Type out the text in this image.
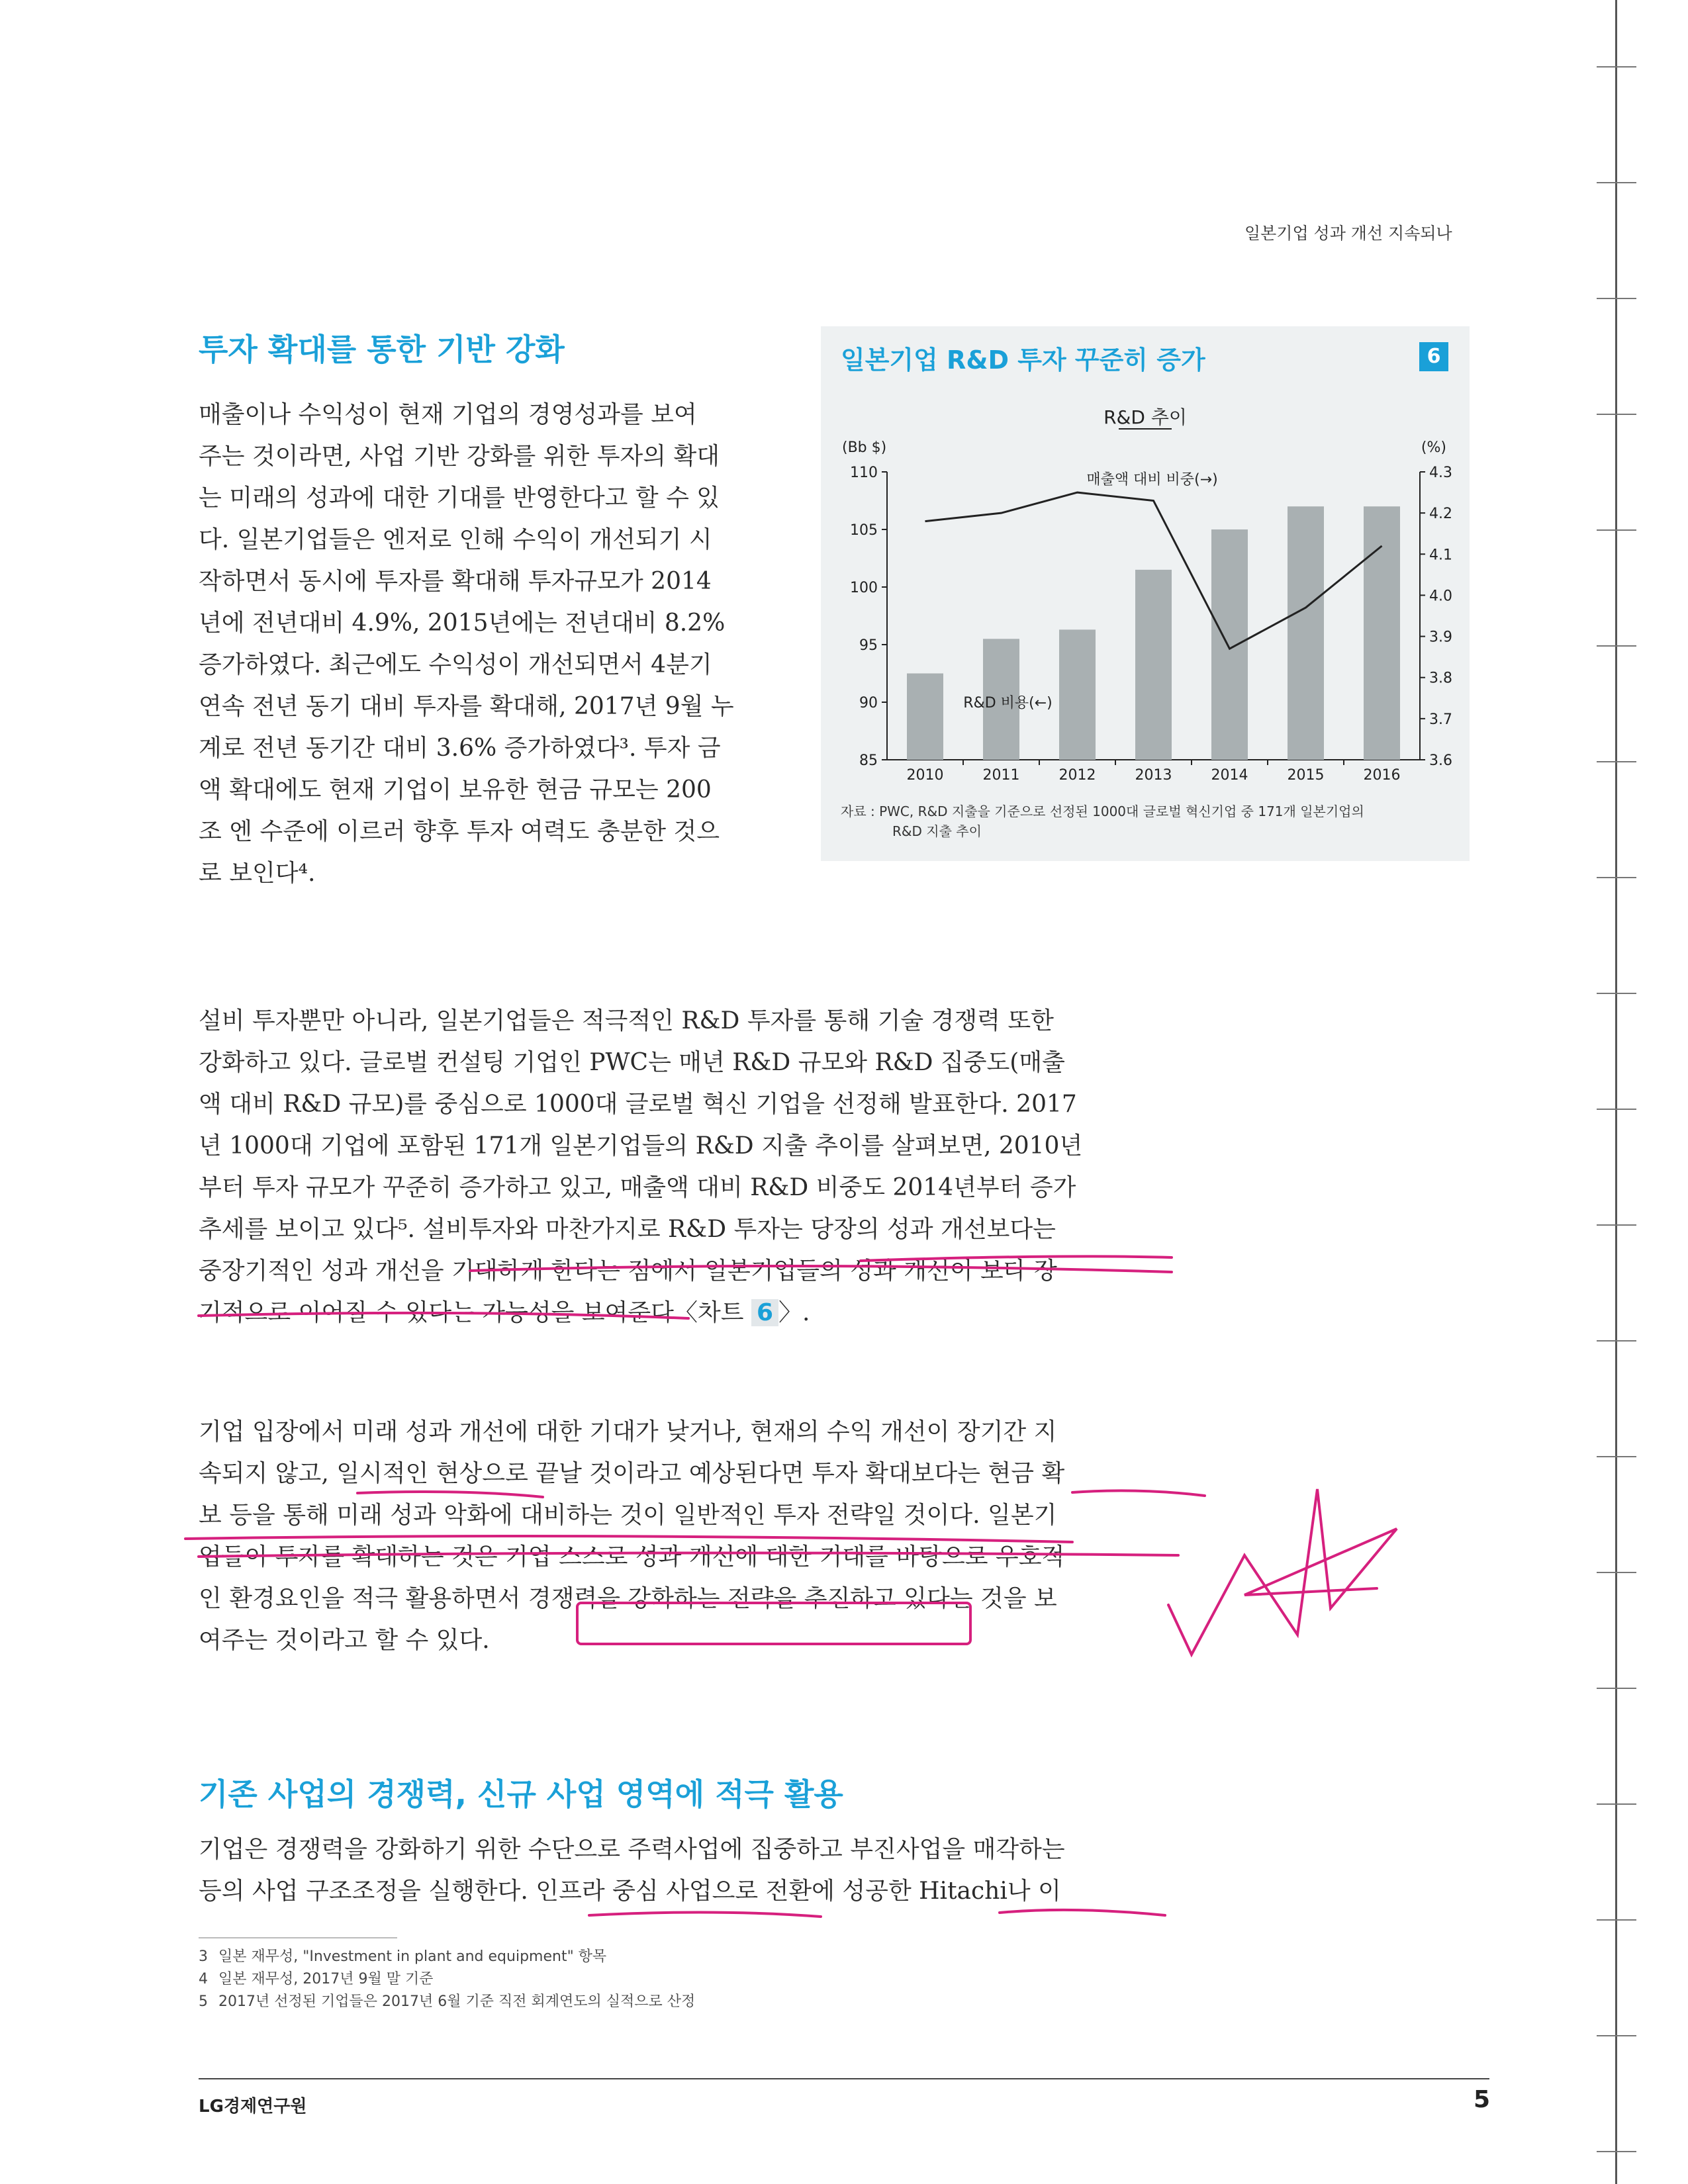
일본기업 성과 개선 지속되나
투자 확대를 통한 기반 강화
매출이나 수익성이 현재 기업의 경영성과를 보여
주는 것이라면, 사업 기반 강화를 위한 투자의 확대
는 미래의 성과에 대한 기대를 반영한다고 할 수 있
다. 일본기업들은 엔저로 인해 수익이 개선되기 시
작하면서 동시에 투자를 확대해 투자규모가 2014
년에 전년대비 4.9%, 2015년에는 전년대비 8.2%
증가하였다. 최근에도 수익성이 개선되면서 4분기
연속 전년 동기 대비 투자를 확대해, 2017년 9월 누
계로 전년 동기간 대비 3.6% 증가하였다³. 투자 금
액 확대에도 현재 기업이 보유한 현금 규모는 200
조 엔 수준에 이르러 향후 투자 여력도 충분한 것으
로 보인다⁴.
일본기업 R&D 투자 꾸준히 증가	6
R&D 추이
(Bb $)	(%)
85
90
95
100
105
110
3.6
3.7
3.8
3.9
4.0
4.1
4.2
4.3
2010	2011	2012	2013	2014	2015	2016
매출액 대비 비중(→)
R&D 비용(←)
자료 : PWC, R&D 지출을 기준으로 선정된 1000대 글로벌 혁신기업 중 171개 일본기업의
R&D 지출 추이
설비 투자뿐만 아니라, 일본기업들은 적극적인 R&D 투자를 통해 기술 경쟁력 또한
강화하고 있다. 글로벌 컨설팅 기업인 PWC는 매년 R&D 규모와 R&D 집중도(매출
액 대비 R&D 규모)를 중심으로 1000대 글로벌 혁신 기업을 선정해 발표한다. 2017
년 1000대 기업에 포함된 171개 일본기업들의 R&D 지출 추이를 살펴보면, 2010년
부터 투자 규모가 꾸준히 증가하고 있고, 매출액 대비 R&D 비중도 2014년부터 증가
추세를 보이고 있다⁵. 설비투자와 마찬가지로 R&D 투자는 당장의 성과 개선보다는
중장기적인 성과 개선을 기대하게 한다는 점에서 일본기업들의 성과 개선이 보다 장
기적으로 이어질 수 있다는 가능성을 보여준다〈차트 6 〉.
기업 입장에서 미래 성과 개선에 대한 기대가 낮거나, 현재의 수익 개선이 장기간 지
속되지 않고, 일시적인 현상으로 끝날 것이라고 예상된다면 투자 확대보다는 현금 확
보 등을 통해 미래 성과 악화에 대비하는 것이 일반적인 투자 전략일 것이다. 일본기
업들이 투자를 확대하는 것은 기업 스스로 성과 개선에 대한 기대를 바탕으로 우호적
인 환경요인을 적극 활용하면서 경쟁력을 강화하는 전략을 추진하고 있다는 것을 보
여주는 것이라고 할 수 있다.
기존 사업의 경쟁력, 신규 사업 영역에 적극 활용
기업은 경쟁력을 강화하기 위한 수단으로 주력사업에 집중하고 부진사업을 매각하는
등의 사업 구조조정을 실행한다. 인프라 중심 사업으로 전환에 성공한 Hitachi나 이
3 일본 재무성, "Investment in plant and equipment" 항목
4 일본 재무성, 2017년 9월 말 기준
5 2017년 선정된 기업들은 2017년 6월 기준 직전 회계연도의 실적으로 산정
LG경제연구원	5
